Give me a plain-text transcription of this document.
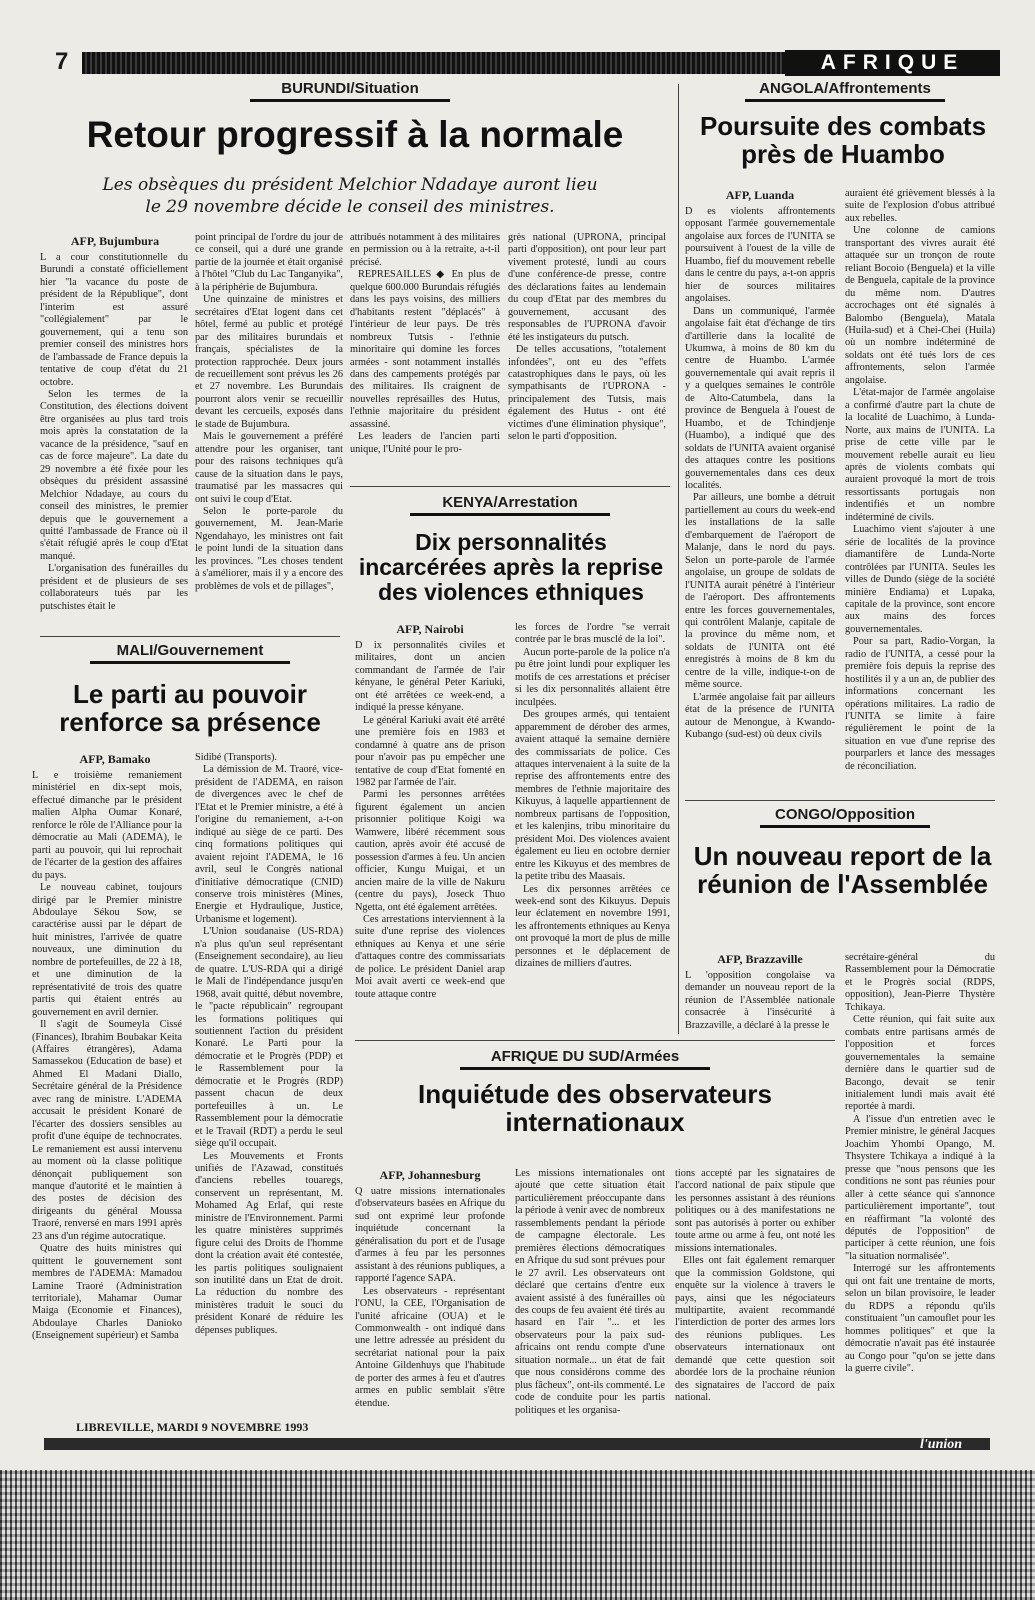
7	AFRIQUE
BURUNDI/Situation
Retour progressif à la normale
Les obsèques du président Melchior Ndadaye auront lieu le 29 novembre décide le conseil des ministres.
AFP, Bujumbura

L a cour constitutionnelle du Burundi a constaté officiellement hier "la vacance du poste de président de la République", dont l'interim est assuré "collégialement" par le gouvernement, qui a tenu son premier conseil des ministres hors de l'ambassade de France depuis la tentative de coup d'état du 21 octobre.

Selon les termes de la Constitution, des élections doivent être organisées au plus tard trois mois après la constatation de la vacance de la présidence, "sauf en cas de force majeure". La date du 29 novembre a été fixée pour les obsèques du président assassiné Melchior Ndadaye, au cours du conseil des ministres, le premier depuis que le gouvernement a quitté l'ambassade de France où il s'était réfugié après le coup d'Etat manqué.

L'organisation des funérailles du président et de plusieurs de ses collaborateurs tués par les putschistes était le

point principal de l'ordre du jour de ce conseil, qui a duré une grande partie de la journée et était organisé à l'hôtel "Club du Lac Tanganyika", à la périphérie de Bujumbura.

Une quinzaine de ministres et secrétaires d'Etat logent dans cet hôtel, fermé au public et protégé par des militaires burundais et français, spécialistes de la protection rapprochée. Deux jours de recueillement sont prévus les 26 et 27 novembre. Les Burundais pourront alors venir se recueillir devant les cercueils, exposés dans le stade de Bujumbura.

Mais le gouvernement a préféré attendre pour les organiser, tant pour des raisons techniques qu'à cause de la situation dans le pays, traumatisé par les massacres qui ont suivi le coup d'Etat.

Selon le porte-parole du gouvernement, M. Jean-Marie Ngendahayo, les ministres ont fait le point lundi de la situation dans les provinces. "Les choses tendent à s'améliorer, mais il y a encore des problèmes de vols et de pillages",

attribués notamment à des militaires en permission ou à la retraite, a-t-il précisé.

REPRESAILLES ◆ En plus de quelque 600.000 Burundais réfugiés dans les pays voisins, des milliers d'habitants restent "déplacés" à l'intérieur de leur pays. De très nombreux Tutsis - l'ethnie minoritaire qui domine les forces armées - sont notamment installés dans des campements protégés par des militaires. Ils craignent de nouvelles représailles des Hutus, l'ethnie majoritaire du président assassiné.

Les leaders de l'ancien parti unique, l'Unité pour le pro-

grès national (UPRONA, principal parti d'opposition), ont pour leur part vivement protesté, lundi au cours d'une conférence-de presse, contre des déclarations faites au lendemain du coup d'Etat par des membres du gouvernement, accusant des responsables de l'UPRONA d'avoir été les instigateurs du putsch.

De telles accusations, "totalement infondées", ont eu des "effets catastrophiques dans le pays, où les sympathisants de l'UPRONA - principalement des Tutsis, mais également des Hutus - ont été victimes d'une élimination physique", selon le parti d'opposition.

ANGOLA/Affrontements
Poursuite des combats près de Huambo
AFP, Luanda

D es violents affrontements opposant l'armée gouvernementale angolaise aux forces de l'UNITA se poursuivent à l'ouest de la ville de Huambo, fief du mouvement rebelle dans le centre du pays, a-t-on appris hier de sources militaires angolaises.

Dans un communiqué, l'armée angolaise fait état d'échange de tirs d'artillerie dans la localité de Ukumwa, à moins de 80 km du centre de Huambo. L'armée gouvernementale qui avait repris il y a quelques semaines le contrôle de Alto-Catumbela, dans la province de Benguela à l'ouest de Huambo, et de Tchindjenje (Huambo), a indiqué que des soldats de l'UNITA avaient organisé des attaques contre les positions gouvernementales dans ces deux localités.

Par ailleurs, une bombe a détruit partiellement au cours du week-end les installations de la salle d'embarquement de l'aéroport de Malanje, dans le nord du pays. Selon un porte-parole de l'armée angolaise, un groupe de soldats de l'UNITA aurait pénétré à l'intérieur de l'aéroport. Des affrontements entre les forces gouvernementales, qui contrôlent Malanje, capitale de la province du même nom, et soldats de l'UNITA ont été enregistrés à moins de 8 km du centre de la ville, indique-t-on de même source.

L'armée angolaise fait par ailleurs état de la présence de l'UNITA autour de Menongue, à Kwando-Kubango (sud-est) où deux civils

auraient été grièvement blessés à la suite de l'explosion d'obus attribué aux rebelles.

Une colonne de camions transportant des vivres aurait été attaquée sur un tronçon de route reliant Bocoio (Benguela) et la ville de Benguela, capitale de la province du même nom. D'autres accrochages ont été signalés à Balombo (Benguela), Matala (Huila-sud) et à Chei-Chei (Huila) où un nombre indéterminé de soldats ont été tués lors de ces affrontements, selon l'armée angolaise.

L'état-major de l'armée angolaise a confirmé d'autre part la chute de la localité de Luachimo, à Lunda-Norte, aux mains de l'UNITA. La prise de cette ville par le mouvement rebelle aurait eu lieu après de violents combats qui auraient provoqué la mort de trois ressortissants portugais non indentifiés et un nombre indéterminé de civils.

Luachimo vient s'ajouter à une série de localités de la province diamantifère de Lunda-Norte contrôlées par l'UNITA. Seules les villes de Dundo (siège de la société minière Endiama) et Lupaka, capitale de la province, sont encore aux mains des forces gouvernementales.

Pour sa part, Radio-Vorgan, la radio de l'UNITA, a cessé pour la première fois depuis la reprise des hostilités il y a un an, de publier des informations concernant les opérations militaires. La radio de l'UNITA se limite à faire régulièrement le point de la situation en vue d'une reprise des pourparlers et lance des messages de réconciliation.

KENYA/Arrestation
Dix personnalités incarcérées après la reprise des violences ethniques
AFP, Nairobi

D ix personnalités civiles et militaires, dont un ancien commandant de l'armée de l'air kényane, le général Peter Kariuki, ont été arrêtées ce week-end, a indiqué la presse kényane.

Le général Kariuki avait été arrêté une première fois en 1983 et condamné à quatre ans de prison pour n'avoir pas pu empêcher une tentative de coup d'Etat fomenté en 1982 par l'armée de l'air.

Parmi les personnes arrêtées figurent également un ancien prisonnier politique Koigi wa Wamwere, libéré récemment sous caution, après avoir été accusé de possession d'armes à feu. Un ancien officier, Kungu Muigai, et un ancien maire de la ville de Nakuru (centre du pays), Joseck Thuo Ngetta, ont été également arrêtées.

Ces arrestations interviennent à la suite d'une reprise des violences ethniques au Kenya et une série d'attaques contre des commissariats de police. Le président Daniel arap Moi avait averti ce week-end que toute attaque contre

les forces de l'ordre "se verrait contrée par le bras musclé de la loi".

Aucun porte-parole de la police n'a pu être joint lundi pour expliquer les motifs de ces arrestations et préciser si les dix personnalités allaient être inculpées.

Des groupes armés, qui tentaient apparemment de dérober des armes, avaient attaqué la semaine dernière des commissariats de police. Ces attaques intervenaient à la suite de la reprise des affrontements entre des membres de l'ethnie majoritaire des Kikuyus, à laquelle appartiennent de nombreux partisans de l'opposition, et les kalenjins, tribu minoritaire du président Moi. Des violences avaient également eu lieu en octobre dernier entre les Kikuyus et des membres de la petite tribu des Maasais.

Les dix personnes arrêtées ce week-end sont des Kikuyus. Depuis leur éclatement en novembre 1991, les affrontements ethniques au Kenya ont provoqué la mort de plus de mille personnes et le déplacement de dizaines de milliers d'autres.

MALI/Gouvernement
Le parti au pouvoir renforce sa présence
AFP, Bamako

L e troisième remaniement ministériel en dix-sept mois, effectué dimanche par le président malien Alpha Oumar Konaré, renforce le rôle de l'Alliance pour la démocratie au Mali (ADEMA), le parti au pouvoir, qui lui reprochait de l'écarter de la gestion des affaires du pays.

Le nouveau cabinet, toujours dirigé par le Premier ministre Abdoulaye Sékou Sow, se caractérise aussi par le départ de huit ministres, l'arrivée de quatre nouveaux, une diminution du nombre de portefeuilles, de 22 à 18, et une diminution de la représentativité de trois des quatre partis qui étaient entrés au gouvernement en avril dernier.

Il s'agit de Soumeyla Cissé (Finances), Ibrahim Boubakar Keita (Affaires étrangères), Adama Samassekou (Education de base) et Ahmed El Madani Diallo, Secrétaire général de la Présidence avec rang de ministre. L'ADEMA accusait le président Konaré de l'écarter des dossiers sensibles au profit d'une équipe de technocrates. Le remaniement est aussi intervenu au moment où la classe politique dénonçait publiquement son manque d'autorité et le maintien à des postes de décision des dirigeants du général Moussa Traoré, renversé en mars 1991 après 23 ans d'un régime autocratique.

Quatre des huits ministres qui quittent le gouvernement sont membres de l'ADEMA: Mamadou Lamine Traoré (Administration territoriale), Mahamar Oumar Maiga (Economie et Finances), Abdoulaye Charles Danioko (Enseignement supérieur) et Samba

Sidibé (Transports).

La démission de M. Traoré, vice-président de l'ADEMA, en raison de divergences avec le chef de l'Etat et le Premier ministre, a été à l'origine du remaniement, a-t-on indiqué au siège de ce parti. Des cinq formations politiques qui avaient rejoint l'ADEMA, le 16 avril, seul le Congrès national d'initiative démocratique (CNID) conserve trois ministères (Mines, Energie et Hydraulique, Justice, Urbanisme et logement).

L'Union soudanaise (US-RDA) n'a plus qu'un seul représentant (Enseignement secondaire), au lieu de quatre. L'US-RDA qui a dirigé le Mali de l'indépendance jusqu'en 1968, avait quitté, début novembre, le "pacte républicain" regroupant les formations politiques qui soutiennent l'action du président Konaré. Le Parti pour la démocratie et le Progrès (PDP) et le Rassemblement pour la démocratie et le Progrès (RDP) passent chacun de deux portefeuilles à un. Le Rassemblement pour la démocratie et le Travail (RDT) a perdu le seul siège qu'il occupait.

Les Mouvements et Fronts unifiés de l'Azawad, constitués d'anciens rebelles touaregs, conservent un représentant, M. Mohamed Ag Erlaf, qui reste ministre de l'Environnement. Parmi les quatre ministères supprimés figure celui des Droits de l'homme dont la création avait été contestée, les partis politiques soulignaient son inutilité dans un Etat de droit. La réduction du nombre des ministères traduit le souci du président Konaré de réduire les dépenses publiques.

CONGO/Opposition
Un nouveau report de la réunion de l'Assemblée
AFP, Brazzaville

L 'opposition congolaise va demander un nouveau report de la réunion de l'Assemblée nationale consacrée à l'insécurité à Brazzaville, a déclaré à la presse le

secrétaire-général du Rassemblement pour la Démocratie et le Progrès social (RDPS, opposition), Jean-Pierre Thystère Tchikaya.

Cette réunion, qui fait suite aux combats entre partisans armés de l'opposition et forces gouvernementales la semaine dernière dans le quartier sud de Bacongo, devait se tenir initialement lundi mais avait été reportée à mardi.

A l'issue d'un entretien avec le Premier ministre, le général Jacques Joachim Yhombi Opango, M. Thsystere Tchikaya a indiqué à la presse que "nous pensons que les conditions ne sont pas réunies pour aller à cette séance qui s'annonce particulièrement importante", tout en réaffirmant "la volonté des députés de l'opposition" de participer à cette réunion, une fois "la situation normalisée".

Interrogé sur les affrontements qui ont fait une trentaine de morts, selon un bilan provisoire, le leader du RDPS a répondu qu'ils constituaient "un camouflet pour les hommes politiques" et que la démocratie n'avait pas été instaurée au Congo pour "qu'on se jette dans la guerre civile".

AFRIQUE DU SUD/Armées
Inquiétude des observateurs internationaux
AFP, Johannesburg

Q uatre missions internationales d'observateurs basées en Afrique du sud ont exprimé leur profonde inquiétude concernant la généralisation du port et de l'usage d'armes à feu par les personnes assistant à des réunions publiques, a rapporté l'agence SAPA.

Les observateurs - représentant l'ONU, la CEE, l'Organisation de l'unité africaine (OUA) et le Commonwealth - ont indiqué dans une lettre adressée au président du secrétariat national pour la paix Antoine Gildenhuys que l'habitude de porter des armes à feu et d'autres armes en public semblait s'être étendue.

Les missions internationales ont ajouté que cette situation était particulièrement préoccupante dans la période à venir avec de nombreux rassemblements pendant la période de campagne électorale. Les premières élections démocratiques en Afrique du sud sont prévues pour le 27 avril. Les observateurs ont déclaré que certains d'entre eux avaient assisté à des funérailles où des coups de feu avaient été tirés au hasard en l'air "... et les observateurs pour la paix sud-africains ont rendu compte d'une situation normale... un état de fait que nous considérons comme des plus fâcheux", ont-ils commenté. Le code de conduite pour les partis politiques et les organisa-

tions accepté par les signataires de l'accord national de paix stipule que les personnes assistant à des réunions politiques ou à des manifestations ne sont pas autorisés à porter ou exhiber toute arme ou arme à feu, ont noté les missions internationales.

Elles ont fait également remarquer que la commission Goldstone, qui enquête sur la violence à travers le pays, ainsi que les négociateurs multipartite, avaient recommandé l'interdiction de porter des armes lors des réunions publiques. Les observateurs internationaux ont demandé que cette question soit abordée lors de la prochaine réunion des signataires de l'accord de paix national.

LIBREVILLE, MARDI 9 NOVEMBRE 1993
l'union
